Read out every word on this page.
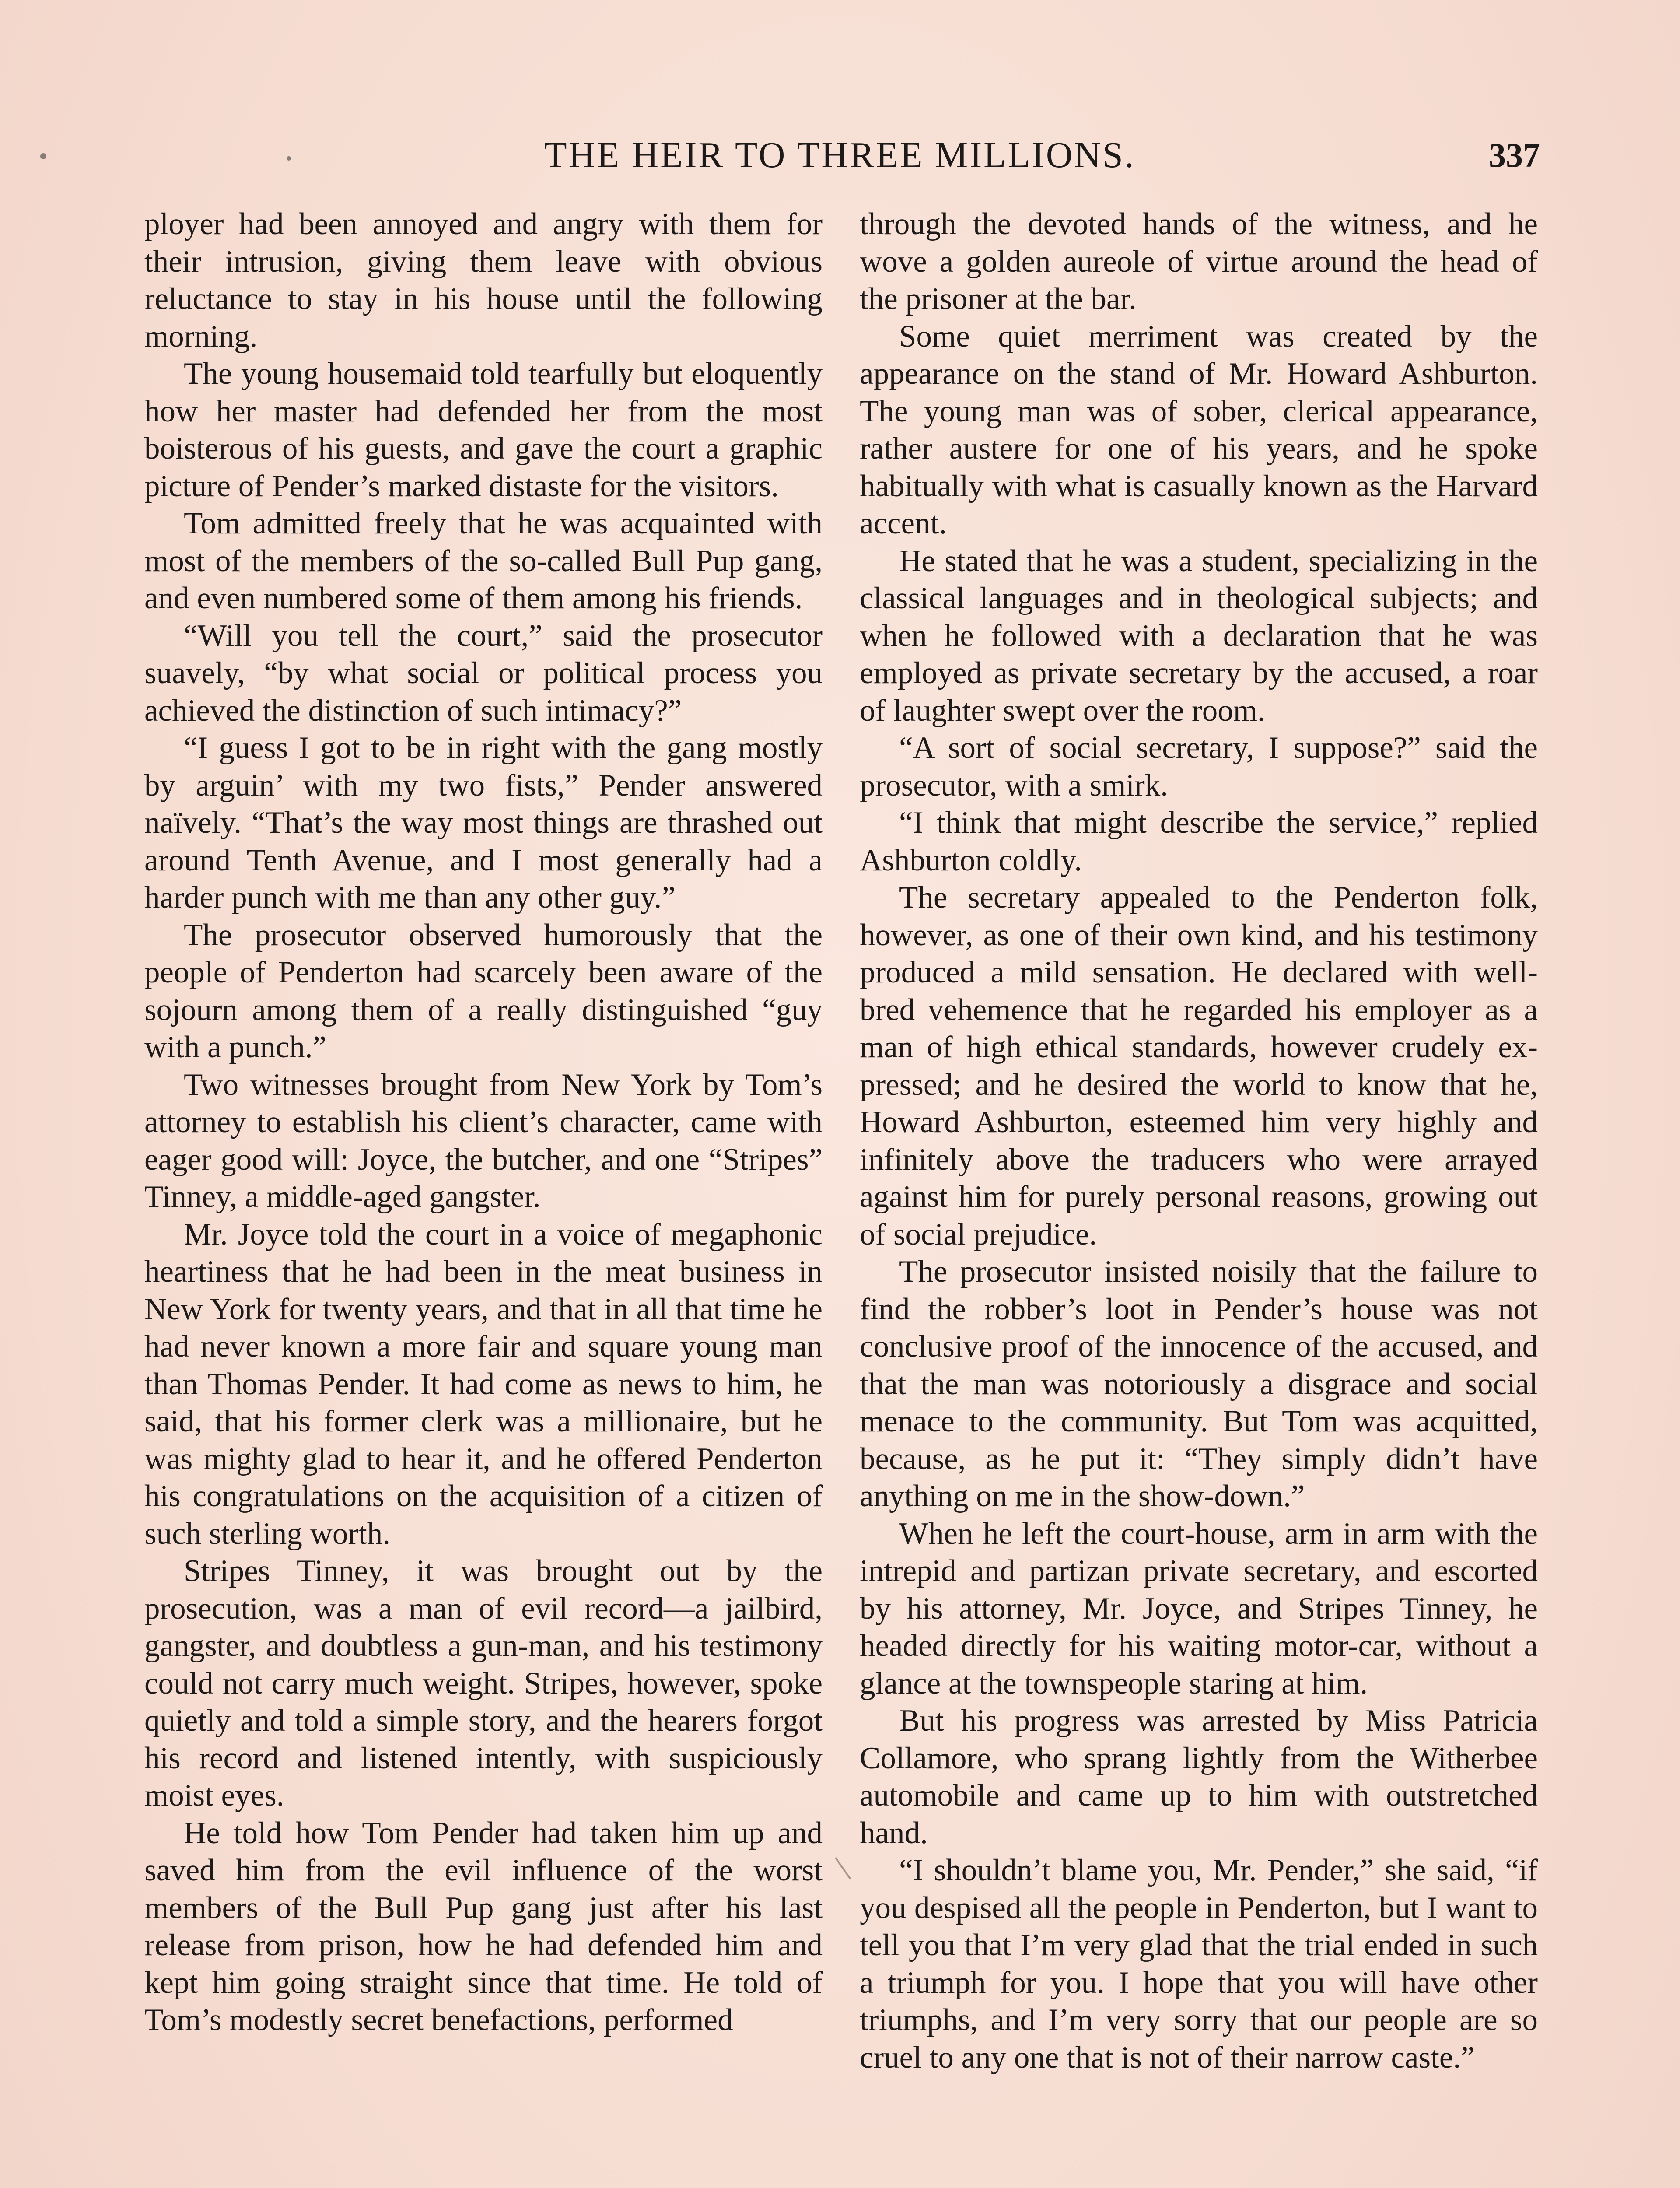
THE HEIR TO THREE MILLIONS.	337

ployer had been annoyed and angry with them for their intrusion, giving them leave with obvious reluctance to stay in his house until the following morning.

The young housemaid told tearfully but eloquently how her master had defended her from the most boisterous of his guests, and gave the court a graphic picture of Pender’s marked distaste for the visitors.

Tom admitted freely that he was acquainted with most of the members of the so-called Bull Pup gang, and even numbered some of them among his friends.

“Will you tell the court,” said the prosecutor suavely, “by what social or political process you achieved the distinction of such intimacy?”

“I guess I got to be in right with the gang mostly by arguin’ with my two fists,” Pender answered naïvely. “That’s the way most things are thrashed out around Tenth Avenue, and I most generally had a harder punch with me than any other guy.”

The prosecutor observed humorously that the people of Penderton had scarcely been aware of the sojourn among them of a really distinguished “guy with a punch.”

Two witnesses brought from New York by Tom’s attorney to establish his client’s character, came with eager good will: Joyce, the butcher, and one “Stripes” Tinney, a middle-aged gangster.

Mr. Joyce told the court in a voice of megaphonic heartiness that he had been in the meat business in New York for twenty years, and that in all that time he had never known a more fair and square young man than Thomas Pender. It had come as news to him, he said, that his former clerk was a millionaire, but he was mighty glad to hear it, and he offered Penderton his congratulations on the acquisition of a citizen of such sterling worth.

Stripes Tinney, it was brought out by the prosecution, was a man of evil record—a jailbird, gangster, and doubtless a gun-man, and his testimony could not carry much weight. Stripes, however, spoke quietly and told a simple story, and the hearers forgot his record and listened intently, with suspiciously moist eyes.

He told how Tom Pender had taken him up and saved him from the evil influence of the worst members of the Bull Pup gang just after his last release from prison, how he had defended him and kept him going straight since that time. He told of Tom’s modestly secret benefactions, performed

through the devoted hands of the witness, and he wove a golden aureole of virtue around the head of the prisoner at the bar.

Some quiet merriment was created by the appearance on the stand of Mr. Howard Ashburton. The young man was of sober, clerical appearance, rather austere for one of his years, and he spoke habitually with what is casually known as the Harvard accent.

He stated that he was a student, specializing in the classical languages and in theological subjects; and when he followed with a declaration that he was employed as private secretary by the accused, a roar of laughter swept over the room.

“A sort of social secretary, I suppose?” said the prosecutor, with a smirk.

“I think that might describe the service,” replied Ashburton coldly.

The secretary appealed to the Penderton folk, however, as one of their own kind, and his testimony produced a mild sensation. He declared with well-bred vehemence that he regarded his employer as a man of high ethical standards, however crudely expressed; and he desired the world to know that he, Howard Ashburton, esteemed him very highly and infinitely above the traducers who were arrayed against him for purely personal reasons, growing out of social prejudice.

The prosecutor insisted noisily that the failure to find the robber’s loot in Pender’s house was not conclusive proof of the innocence of the accused, and that the man was notoriously a disgrace and social menace to the community. But Tom was acquitted, because, as he put it: “They simply didn’t have anything on me in the show-down.”

When he left the court-house, arm in arm with the intrepid and partizan private secretary, and escorted by his attorney, Mr. Joyce, and Stripes Tinney, he headed directly for his waiting motor-car, without a glance at the townspeople staring at him.

But his progress was arrested by Miss Patricia Collamore, who sprang lightly from the Witherbee automobile and came up to him with outstretched hand.

“I shouldn’t blame you, Mr. Pender,” she said, “if you despised all the people in Penderton, but I want to tell you that I’m very glad that the trial ended in such a triumph for you. I hope that you will have other triumphs, and I’m very sorry that our people are so cruel to any one that is not of their narrow caste.”
